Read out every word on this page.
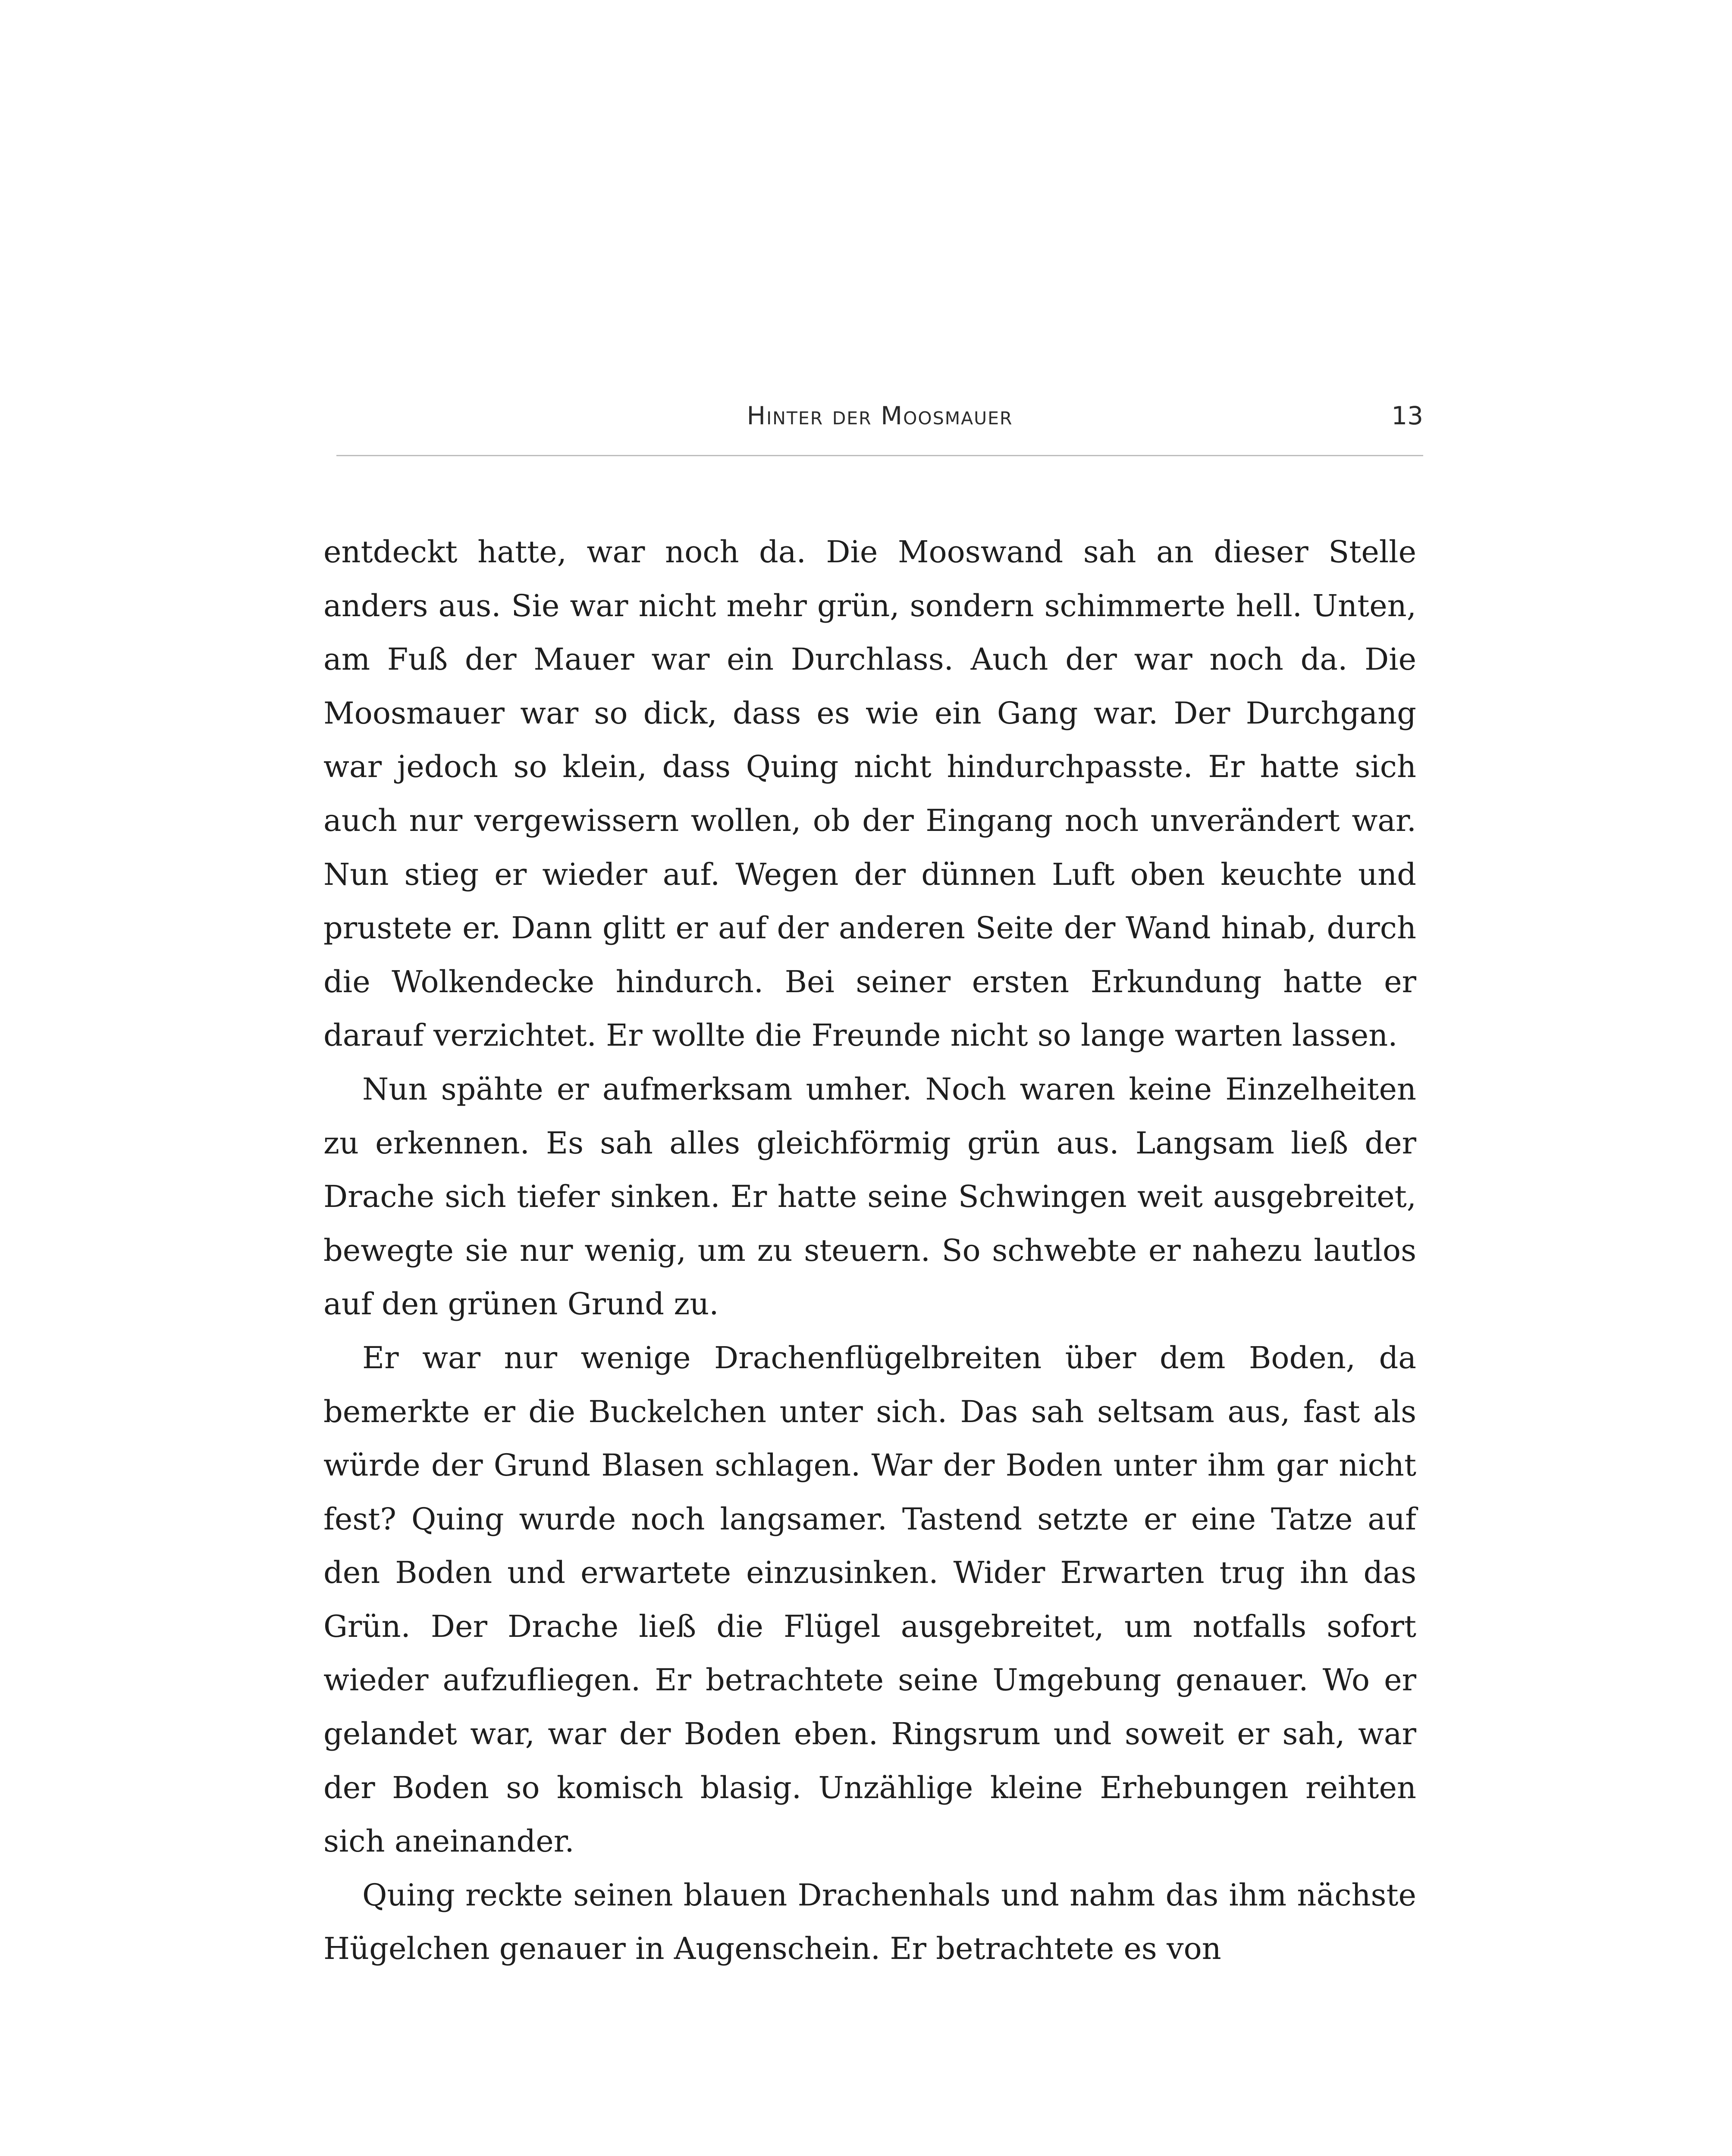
Hinter der Moosmauer	13

entdeckt hatte, war noch da. Die Mooswand sah an dieser Stelle anders aus. Sie war nicht mehr grün, sondern schimmerte hell. Unten, am Fuß der Mauer war ein Durchlass. Auch der war noch da. Die Moosmauer war so dick, dass es wie ein Gang war. Der Durchgang war jedoch so klein, dass Quing nicht hindurchpasste. Er hatte sich auch nur vergewissern wollen, ob der Eingang noch unverändert war. Nun stieg er wieder auf. Wegen der dünnen Luft oben keuchte und prustete er. Dann glitt er auf der anderen Seite der Wand hinab, durch die Wolkendecke hindurch. Bei seiner ersten Erkundung hatte er darauf verzichtet. Er wollte die Freunde nicht so lange warten lassen.

Nun spähte er aufmerksam umher. Noch waren keine Einzelheiten zu erkennen. Es sah alles gleichförmig grün aus. Langsam ließ der Drache sich tiefer sinken. Er hatte seine Schwingen weit ausgebreitet, bewegte sie nur wenig, um zu steuern. So schwebte er nahezu lautlos auf den grünen Grund zu.

Er war nur wenige Drachenflügelbreiten über dem Boden, da bemerkte er die Buckelchen unter sich. Das sah seltsam aus, fast als würde der Grund Blasen schlagen. War der Boden unter ihm gar nicht fest? Quing wurde noch langsamer. Tastend setzte er eine Tatze auf den Boden und erwartete einzusinken. Wider Erwarten trug ihn das Grün. Der Drache ließ die Flügel ausgebreitet, um notfalls sofort wieder aufzufliegen. Er betrachtete seine Umgebung genauer. Wo er gelandet war, war der Boden eben. Ringsrum und soweit er sah, war der Boden so komisch blasig. Unzählige kleine Erhebungen reihten sich aneinander.

Quing reckte seinen blauen Drachenhals und nahm das ihm nächste Hügelchen genauer in Augenschein. Er betrachtete es von
